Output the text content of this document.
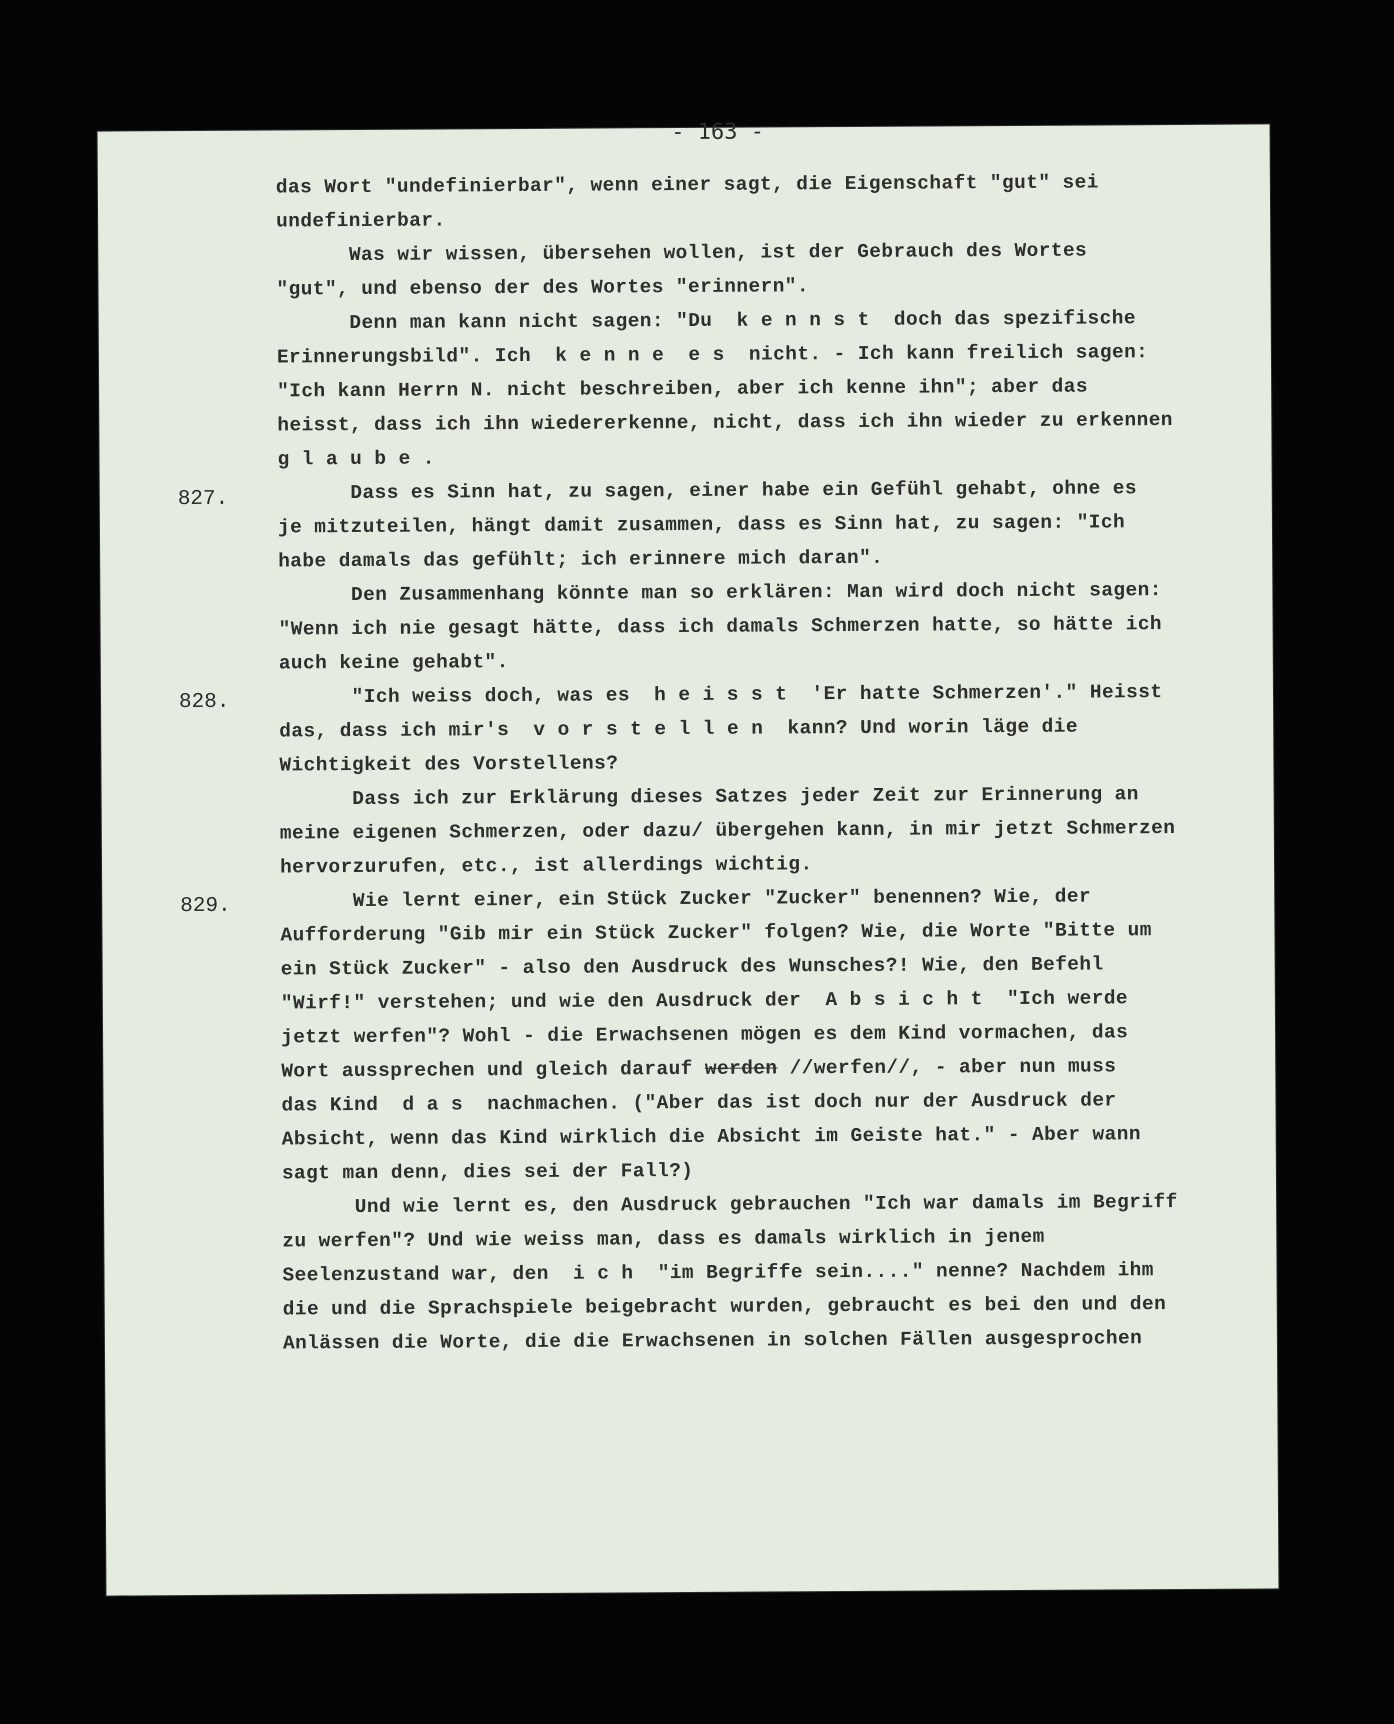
- 163 -
827.
828.
829.
das Wort "undefinierbar", wenn einer sagt, die Eigenschaft "gut" sei
undefinierbar.
Was wir wissen, übersehen wollen, ist der Gebrauch des Wortes
"gut", und ebenso der des Wortes "erinnern".
Denn man kann nicht sagen: "Du  k e n n s t  doch das spezifische
Erinnerungsbild". Ich  k e n n e  e s  nicht. - Ich kann freilich sagen:
"Ich kann Herrn N. nicht beschreiben, aber ich kenne ihn"; aber das
heisst, dass ich ihn wiedererkenne, nicht, dass ich ihn wieder zu erkennen
g l a u b e .
Dass es Sinn hat, zu sagen, einer habe ein Gefühl gehabt, ohne es
je mitzuteilen, hängt damit zusammen, dass es Sinn hat, zu sagen: "Ich
habe damals das gefühlt; ich erinnere mich daran".
Den Zusammenhang könnte man so erklären: Man wird doch nicht sagen:
"Wenn ich nie gesagt hätte, dass ich damals Schmerzen hatte, so hätte ich
auch keine gehabt".
"Ich weiss doch, was es  h e i s s t  'Er hatte Schmerzen'." Heisst
das, dass ich mir's  v o r s t e l l e n  kann? Und worin läge die
Wichtigkeit des Vorstellens?
Dass ich zur Erklärung dieses Satzes jeder Zeit zur Erinnerung an
meine eigenen Schmerzen, oder dazu/ übergehen kann, in mir jetzt Schmerzen
hervorzurufen, etc., ist allerdings wichtig.
Wie lernt einer, ein Stück Zucker "Zucker" benennen? Wie, der
Aufforderung "Gib mir ein Stück Zucker" folgen? Wie, die Worte "Bitte um
ein Stück Zucker" - also den Ausdruck des Wunsches?! Wie, den Befehl
"Wirf!" verstehen; und wie den Ausdruck der  A b s i c h t  "Ich werde
jetzt werfen"? Wohl - die Erwachsenen mögen es dem Kind vormachen, das
Wort aussprechen und gleich darauf werden //werfen//, - aber nun muss
das Kind  d a s  nachmachen. ("Aber das ist doch nur der Ausdruck der
Absicht, wenn das Kind wirklich die Absicht im Geiste hat." - Aber wann
sagt man denn, dies sei der Fall?)
Und wie lernt es, den Ausdruck gebrauchen "Ich war damals im Begriff
zu werfen"? Und wie weiss man, dass es damals wirklich in jenem
Seelenzustand war, den  i c h  "im Begriffe sein...." nenne? Nachdem ihm
die und die Sprachspiele beigebracht wurden, gebraucht es bei den und den
Anlässen die Worte, die die Erwachsenen in solchen Fällen ausgesprochen
